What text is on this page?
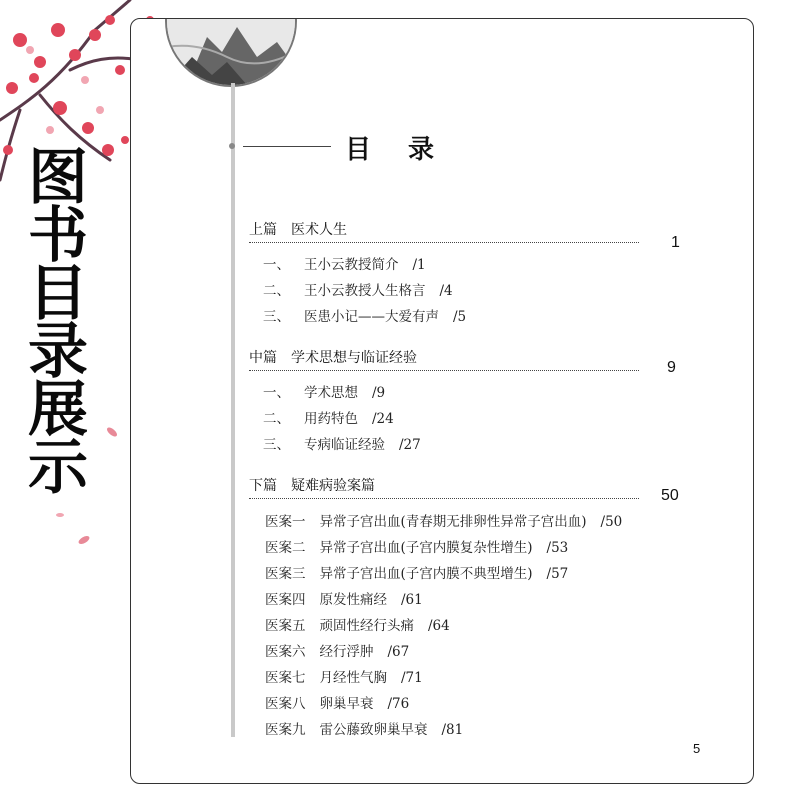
图
书
目
录
展
示
目 录
上篇 医术人生
1
一、 王小云教授简介 /1
二、 王小云教授人生格言 /4
三、 医患小记——大爱有声 /5
中篇 学术思想与临证经验
9
一、 学术思想 /9
二、 用药特色 /24
三、 专病临证经验 /27
下篇 疑难病验案篇
50
医案一 异常子宫出血(青春期无排卵性异常子宫出血) /50
医案二 异常子宫出血(子宫内膜复杂性增生) /53
医案三 异常子宫出血(子宫内膜不典型增生) /57
医案四 原发性痛经 /61
医案五 顽固性经行头痛 /64
医案六 经行浮肿 /67
医案七 月经性气胸 /71
医案八 卵巢早衰 /76
医案九 雷公藤致卵巢早衰 /81
5
